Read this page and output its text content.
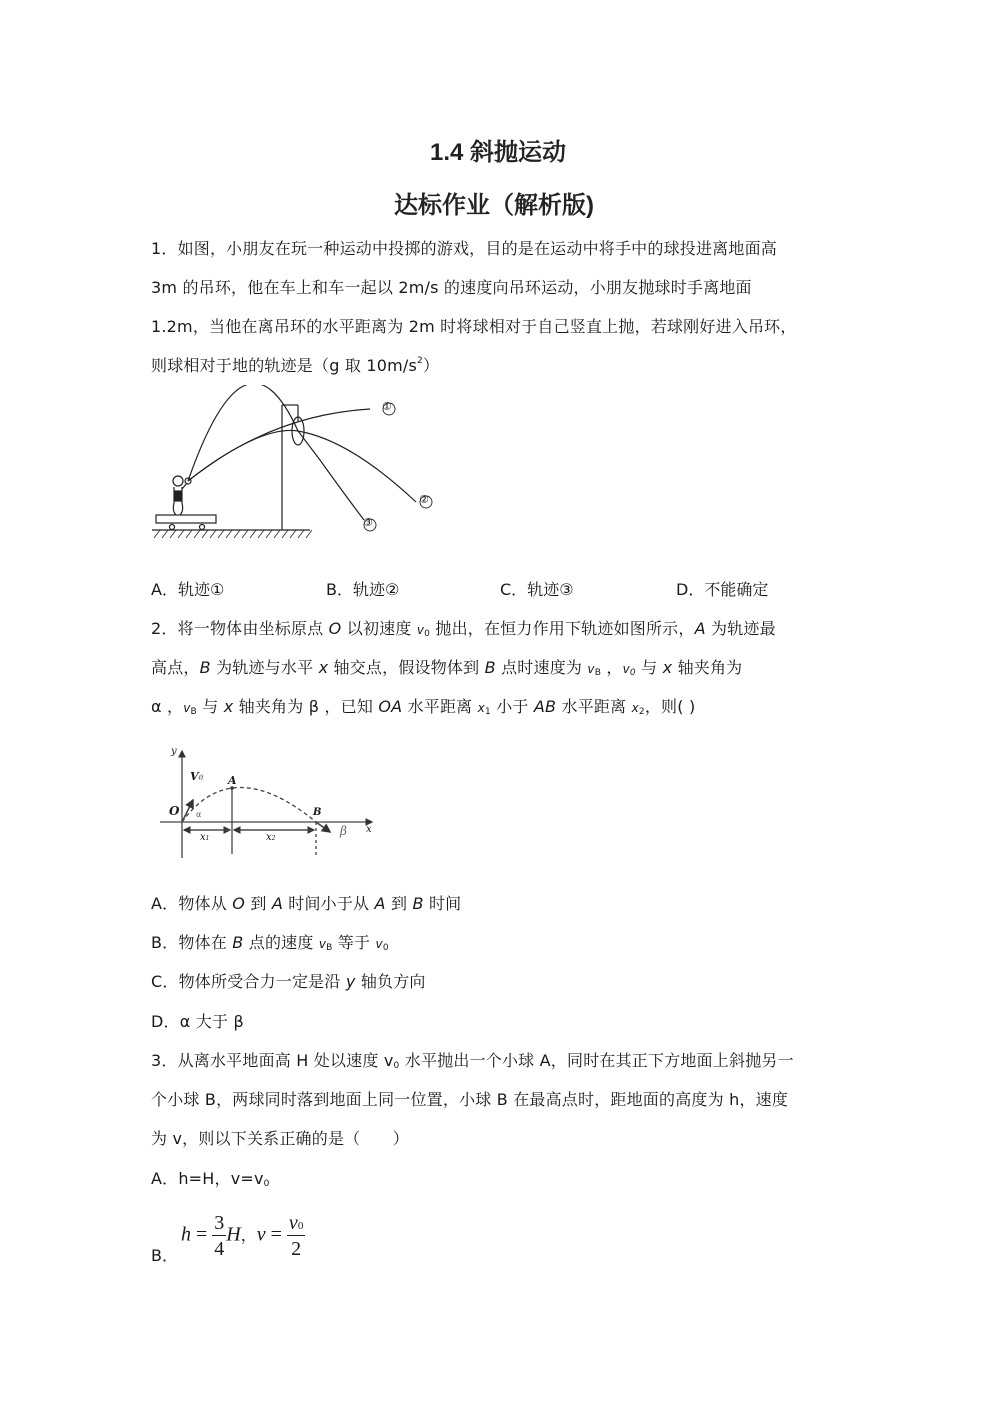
1.4 斜抛运动
达标作业（解析版)
1．如图，小朋友在玩一种运动中投掷的游戏，目的是在运动中将手中的球投进离地面高
3m 的吊环，他在车上和车一起以 2m/s 的速度向吊环运动，小朋友抛球时手离地面
1.2m，当他在离吊环的水平距离为 2m 时将球相对于自己竖直上抛，若球刚好进入吊环，
则球相对于地的轨迹是（g 取 $10m/s^2$）
①
②
③
A．轨迹①	B．轨迹②	C．轨迹③	D．不能确定
2．将一物体由坐标原点 O 以初速度 $v_0$ 抛出，在恒力作用下轨迹如图所示，A 为轨迹最
高点，B 为轨迹与水平 x 轴交点，假设物体到 B 点时速度为 $v_B$ ，$v_0$ 与 x 轴夹角为
α ，$v_B$ 与 x 轴夹角为 β ，已知 OA 水平距离 $x_1$ 小于 AB 水平距离 $x_2$，则( )
y
x
V0
O α
A
B
x1	x2
β
A．物体从 O 到 A 时间小于从 A 到 B 时间
B．物体在 B 点的速度 $v_B$ 等于 $v_0$
C．物体所受合力一定是沿 y 轴负方向
D．α 大于 β
3．从离水平地面高 H 处以速度 $v_0$ 水平抛出一个小球 A，同时在其正下方地面上斜抛另一
个小球 B，两球同时落到地面上同一位置，小球 B 在最高点时，距地面的高度为 h，速度
为 v，则以下关系正确的是（　　）
A．h=H，$v=v_0$
B．
$h = \frac{3}{4}$ H，$v = \frac{v0}{2}$
